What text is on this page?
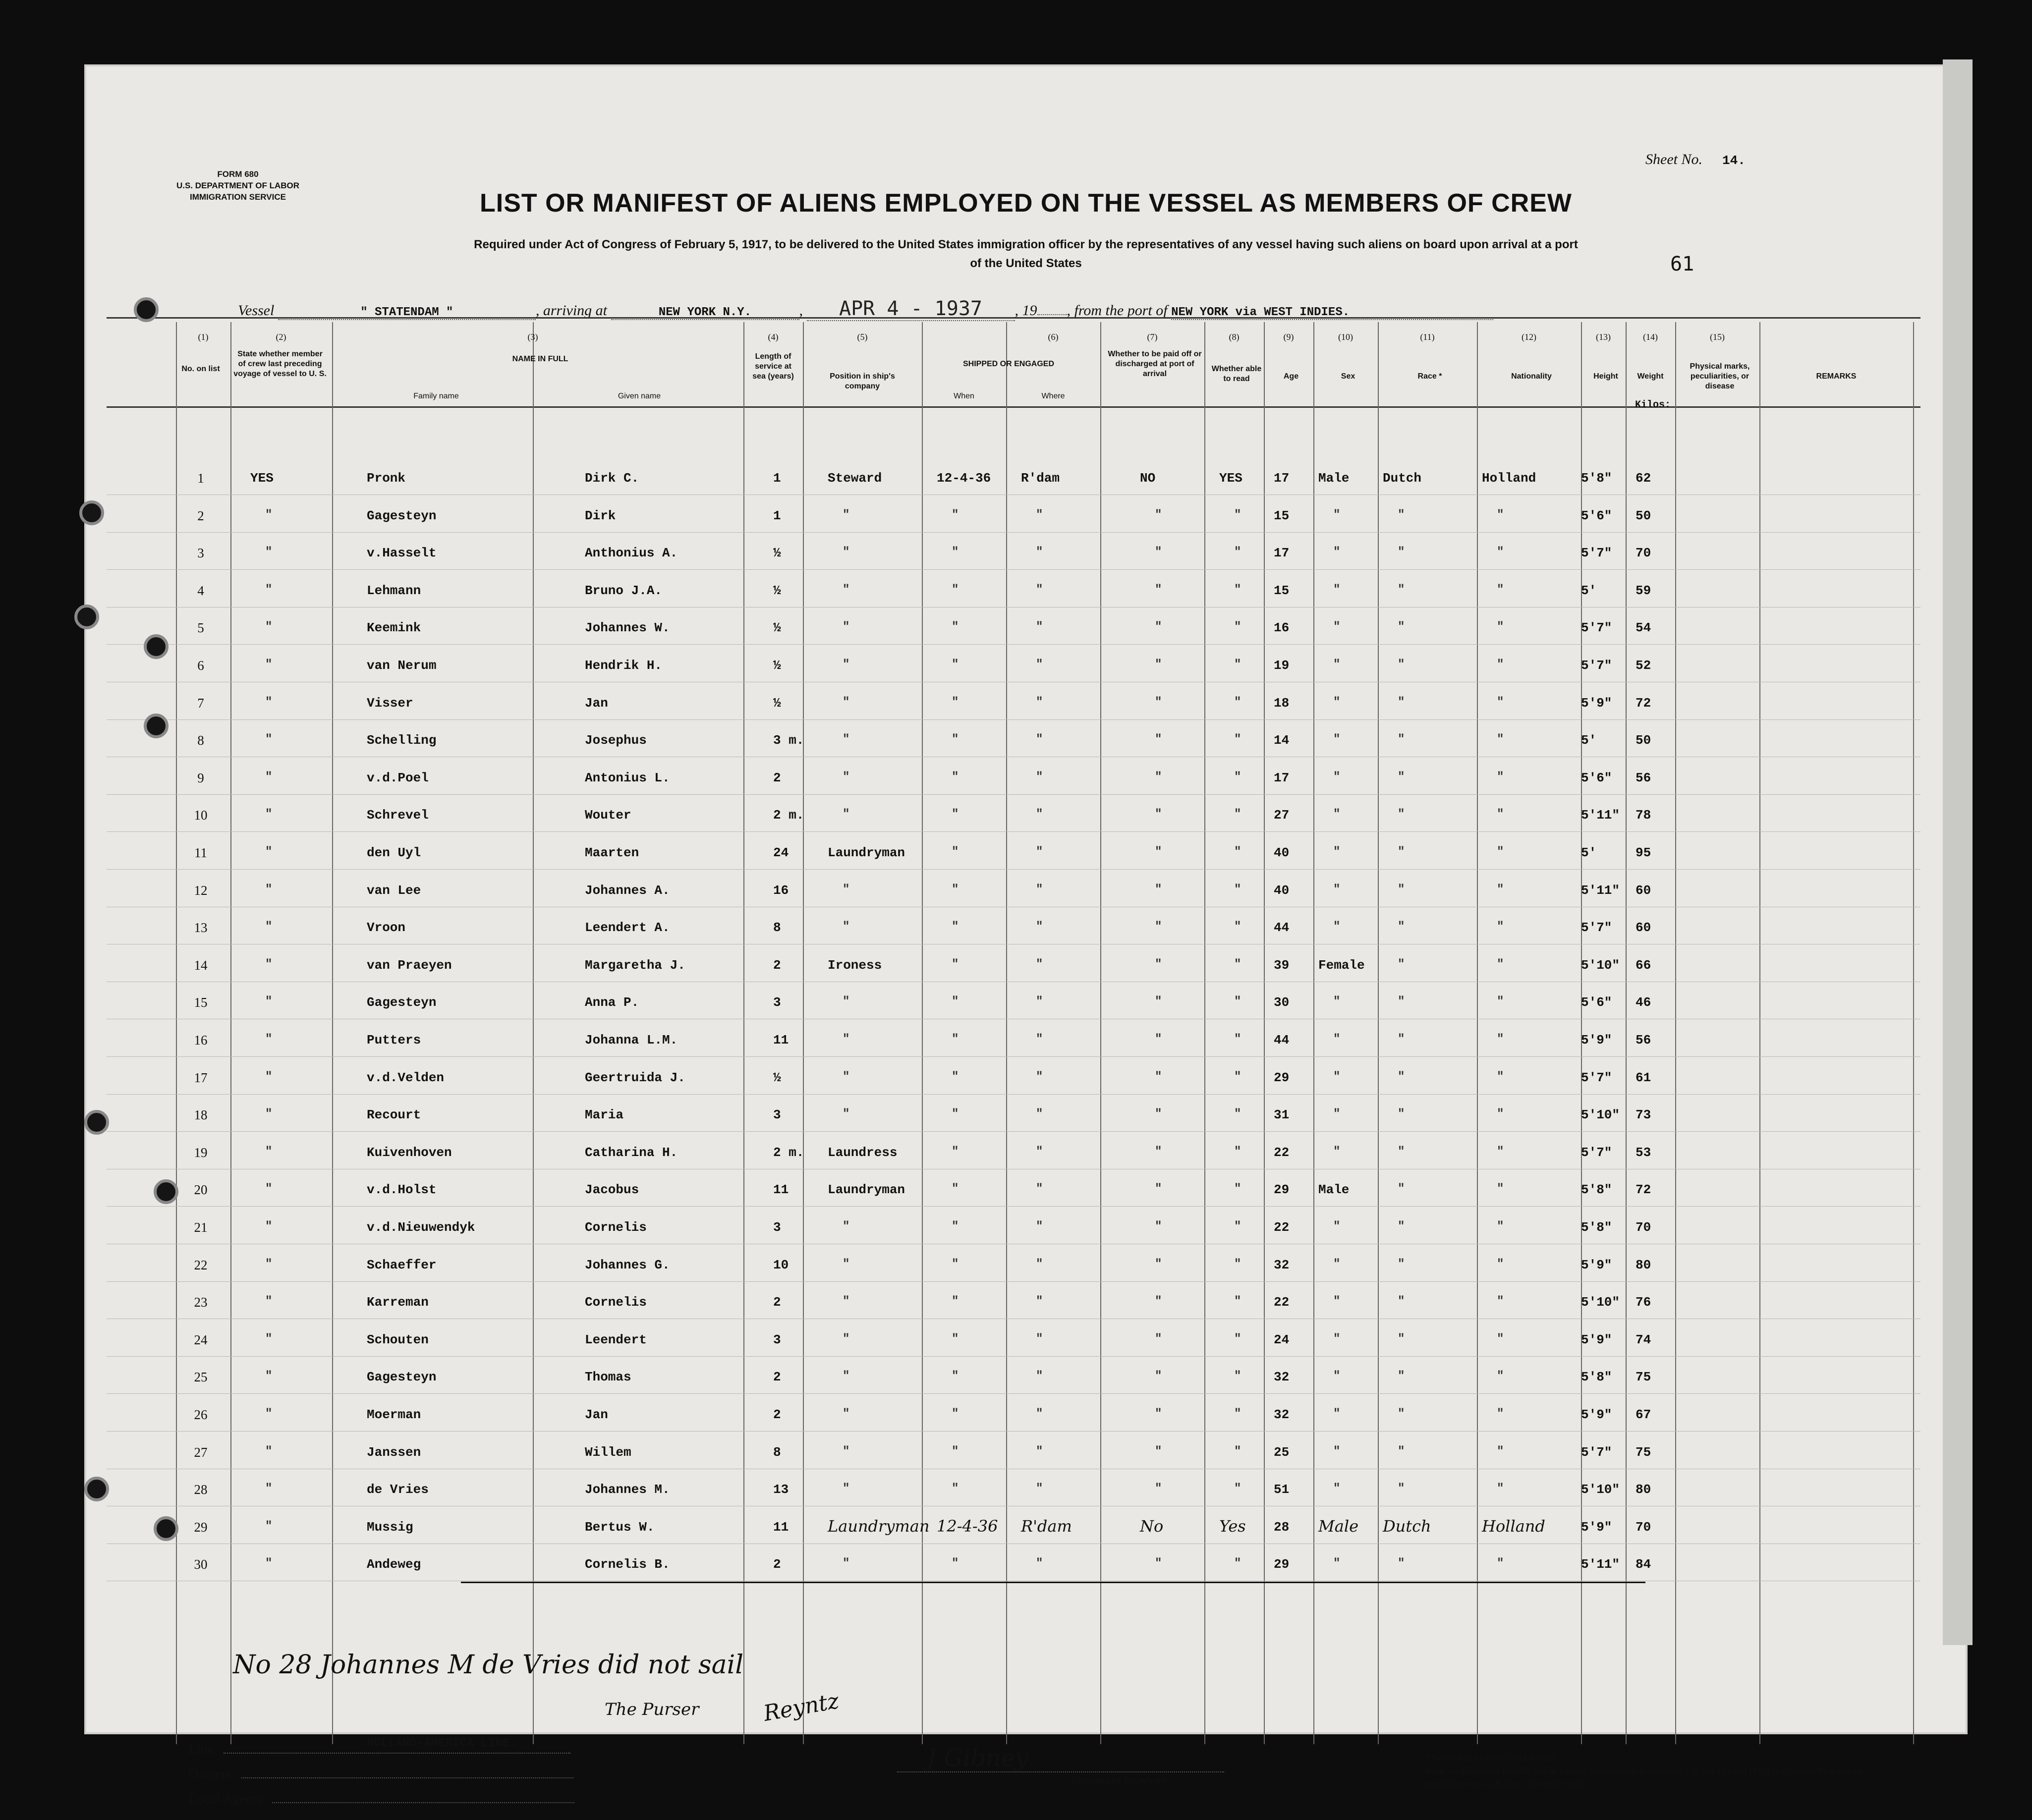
FORM 680
U.S. DEPARTMENT OF LABOR
IMMIGRATION SERVICE
Sheet No. 14.
LIST OR MANIFEST OF ALIENS EMPLOYED ON THE VESSEL AS MEMBERS OF CREW
Required under Act of Congress of February 5, 1917, to be delivered to the United States immigration officer by the representatives of any vessel having such aliens on board upon arrival at a port
of the United States	61
Vessel	" STATENDAM "	, arriving at	NEW YORK N.Y.	, APR 4 - 1937 , 19 , from the port of NEW YORK via WEST INDIES.
(1)	(2)	(3)	(4)	(5)	(6)	(7)	(8)	(9)	(10)	(11)	(12)	(13)	(14)	(15)
No. on list
State whether member of crew last preceding voyage of vessel to U. S.
NAME IN FULL
Family name	Given name
Length of service at sea (years)	Position in ship's company
SHIPPED OR ENGAGED
When	Where
Whether to be paid off or discharged at port of arrival
Whether able to read	Age	Sex	Race *	Nationality	Height	Weight
Kilos:
Physical marks, peculiarities, or disease
REMARKS
1	YES	Pronk	Dirk C.	1	Steward	12-4-36 R'dam	NO	YES 17 Male	Dutch	Holland	5'8" 62
2	"	Gagesteyn	Dirk	1	"	"	"	"	"	15	"	"	"	5'6" 50
3	"	v.Hasselt	Anthonius A.	½	"	"	"	"	"	17	"	"	"	5'7" 70
4	"	Lehmann	Bruno J.A.	½	"	"	"	"	"	15	"	"	"	5'	59
5	"	Keemink	Johannes W.	½	"	"	"	"	"	16	"	"	"	5'7" 54
6	"	van Nerum	Hendrik H.	½	"	"	"	"	"	19	"	"	"	5'7" 52
7	"	Visser	Jan	½	"	"	"	"	"	18	"	"	"	5'9" 72
8	"	Schelling	Josephus	3 m.	"	"	"	"	"	14	"	"	"	5'	50
9	"	v.d.Poel	Antonius L.	2	"	"	"	"	"	17	"	"	"	5'6" 56
10	"	Schrevel	Wouter	2 m.	"	"	"	"	"	27	"	"	"	5'11" 78
11	"	den Uyl	Maarten	24	Laundryman	"	"	"	"	40	"	"	"	5'	95
12	"	van Lee	Johannes A.	16	"	"	"	"	"	40	"	"	"	5'11" 60
13	"	Vroon	Leendert A.	8	"	"	"	"	"	44	"	"	"	5'7" 60
14	"	van Praeyen	Margaretha J.	2	Ironess	"	"	"	"	39 Female	"	"	5'10" 66
15	"	Gagesteyn	Anna P.	3	"	"	"	"	"	30	"	"	"	5'6" 46
16	"	Putters	Johanna L.M.	11	"	"	"	"	"	44	"	"	"	5'9" 56
17	"	v.d.Velden	Geertruida J.	½	"	"	"	"	"	29	"	"	"	5'7" 61
18	"	Recourt	Maria	3	"	"	"	"	"	31	"	"	"	5'10" 73
19	"	Kuivenhoven	Catharina H.	2 m. Laundress	"	"	"	"	22	"	"	"	5'7" 53
20	"	v.d.Holst	Jacobus	11	Laundryman	"	"	"	"	29 Male	"	"	5'8" 72
21	"	v.d.Nieuwendyk	Cornelis	3	"	"	"	"	"	22	"	"	"	5'8" 70
22	"	Schaeffer	Johannes G.	10	"	"	"	"	"	32	"	"	"	5'9" 80
23	"	Karreman	Cornelis	2	"	"	"	"	"	22	"	"	"	5'10" 76
24	"	Schouten	Leendert	3	"	"	"	"	"	24	"	"	"	5'9" 74
25	"	Gagesteyn	Thomas	2	"	"	"	"	"	32	"	"	"	5'8" 75
26	"	Moerman	Jan	2	"	"	"	"	"	32	"	"	"	5'9" 67
27	"	Janssen	Willem	8	"	"	"	"	"	25	"	"	"	5'7" 75
28	"	de Vries	Johannes M.	13	"	"	"	"	"	51	"	"	"	5'10" 80
29	"	Mussig	Bertus W.	11 Laundryman 12-4-36 R'dam	No	Yes 28 Male Dutch	Holland	5'9" 70
30	"	Andeweg	Cornelis B.	2	"	"	"	"	"	29	"	"	"	5'11" 84
No 28 Johannes M de Vries did not sail
The Purser	Reyntz
Line	HOLLAND-AMERICA LINE.
Owners
Local Agents
J Gibney
Immigrant Inspector.
* See list of races on back hereof.
Note. — Failure to furnish full or correct information in columns (3), (6), (7) and (8) is punishable by a fine of ten dollars for each alien. See other side.
